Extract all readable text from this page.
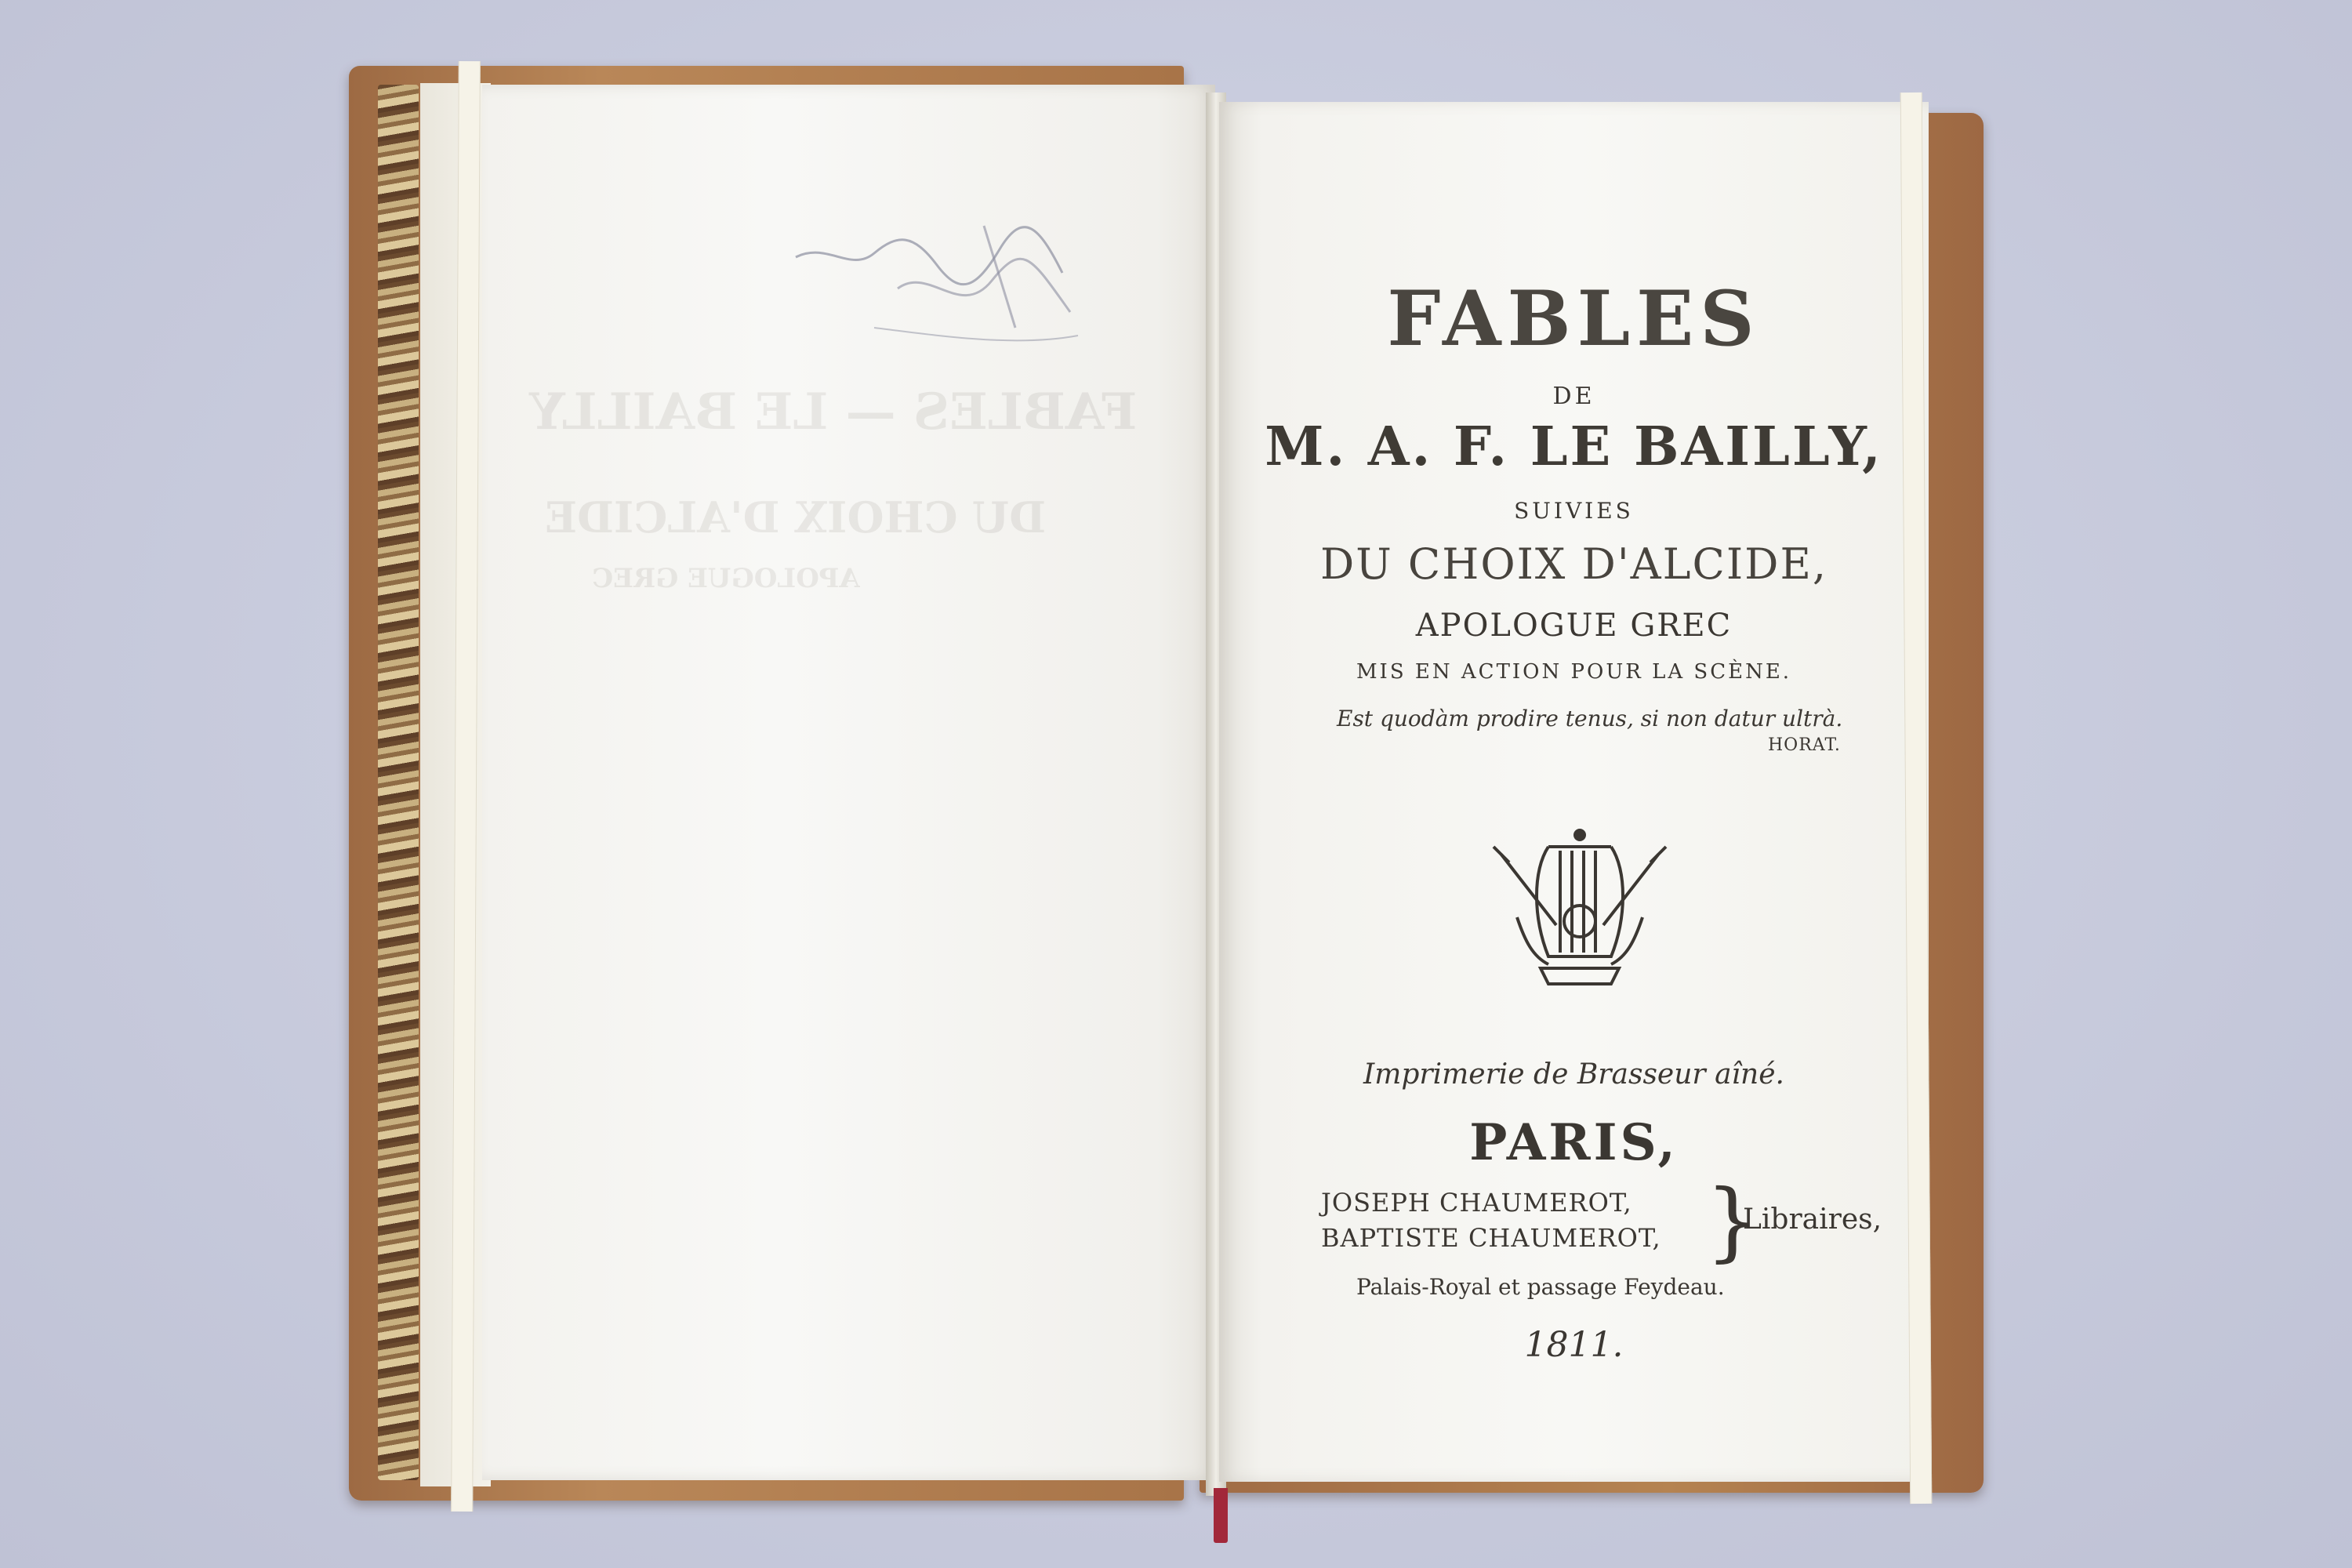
FABLES — LE BAILLY
DU CHOIX D'ALCIDE
APOLOGUE GREC
FABLES
DE
M. A. F. LE BAILLY,
SUIVIES
DU CHOIX D'ALCIDE,
APOLOGUE GREC
MIS EN ACTION POUR LA SCÈNE.
Est quodàm prodire tenus, si non datur ultrà.
HORAT.
Imprimerie de Brasseur aîné.
PARIS,
JOSEPH CHAUMEROT,
BAPTISTE CHAUMEROT, }
Libraires,
Palais-Royal et passage Feydeau.
1811.
